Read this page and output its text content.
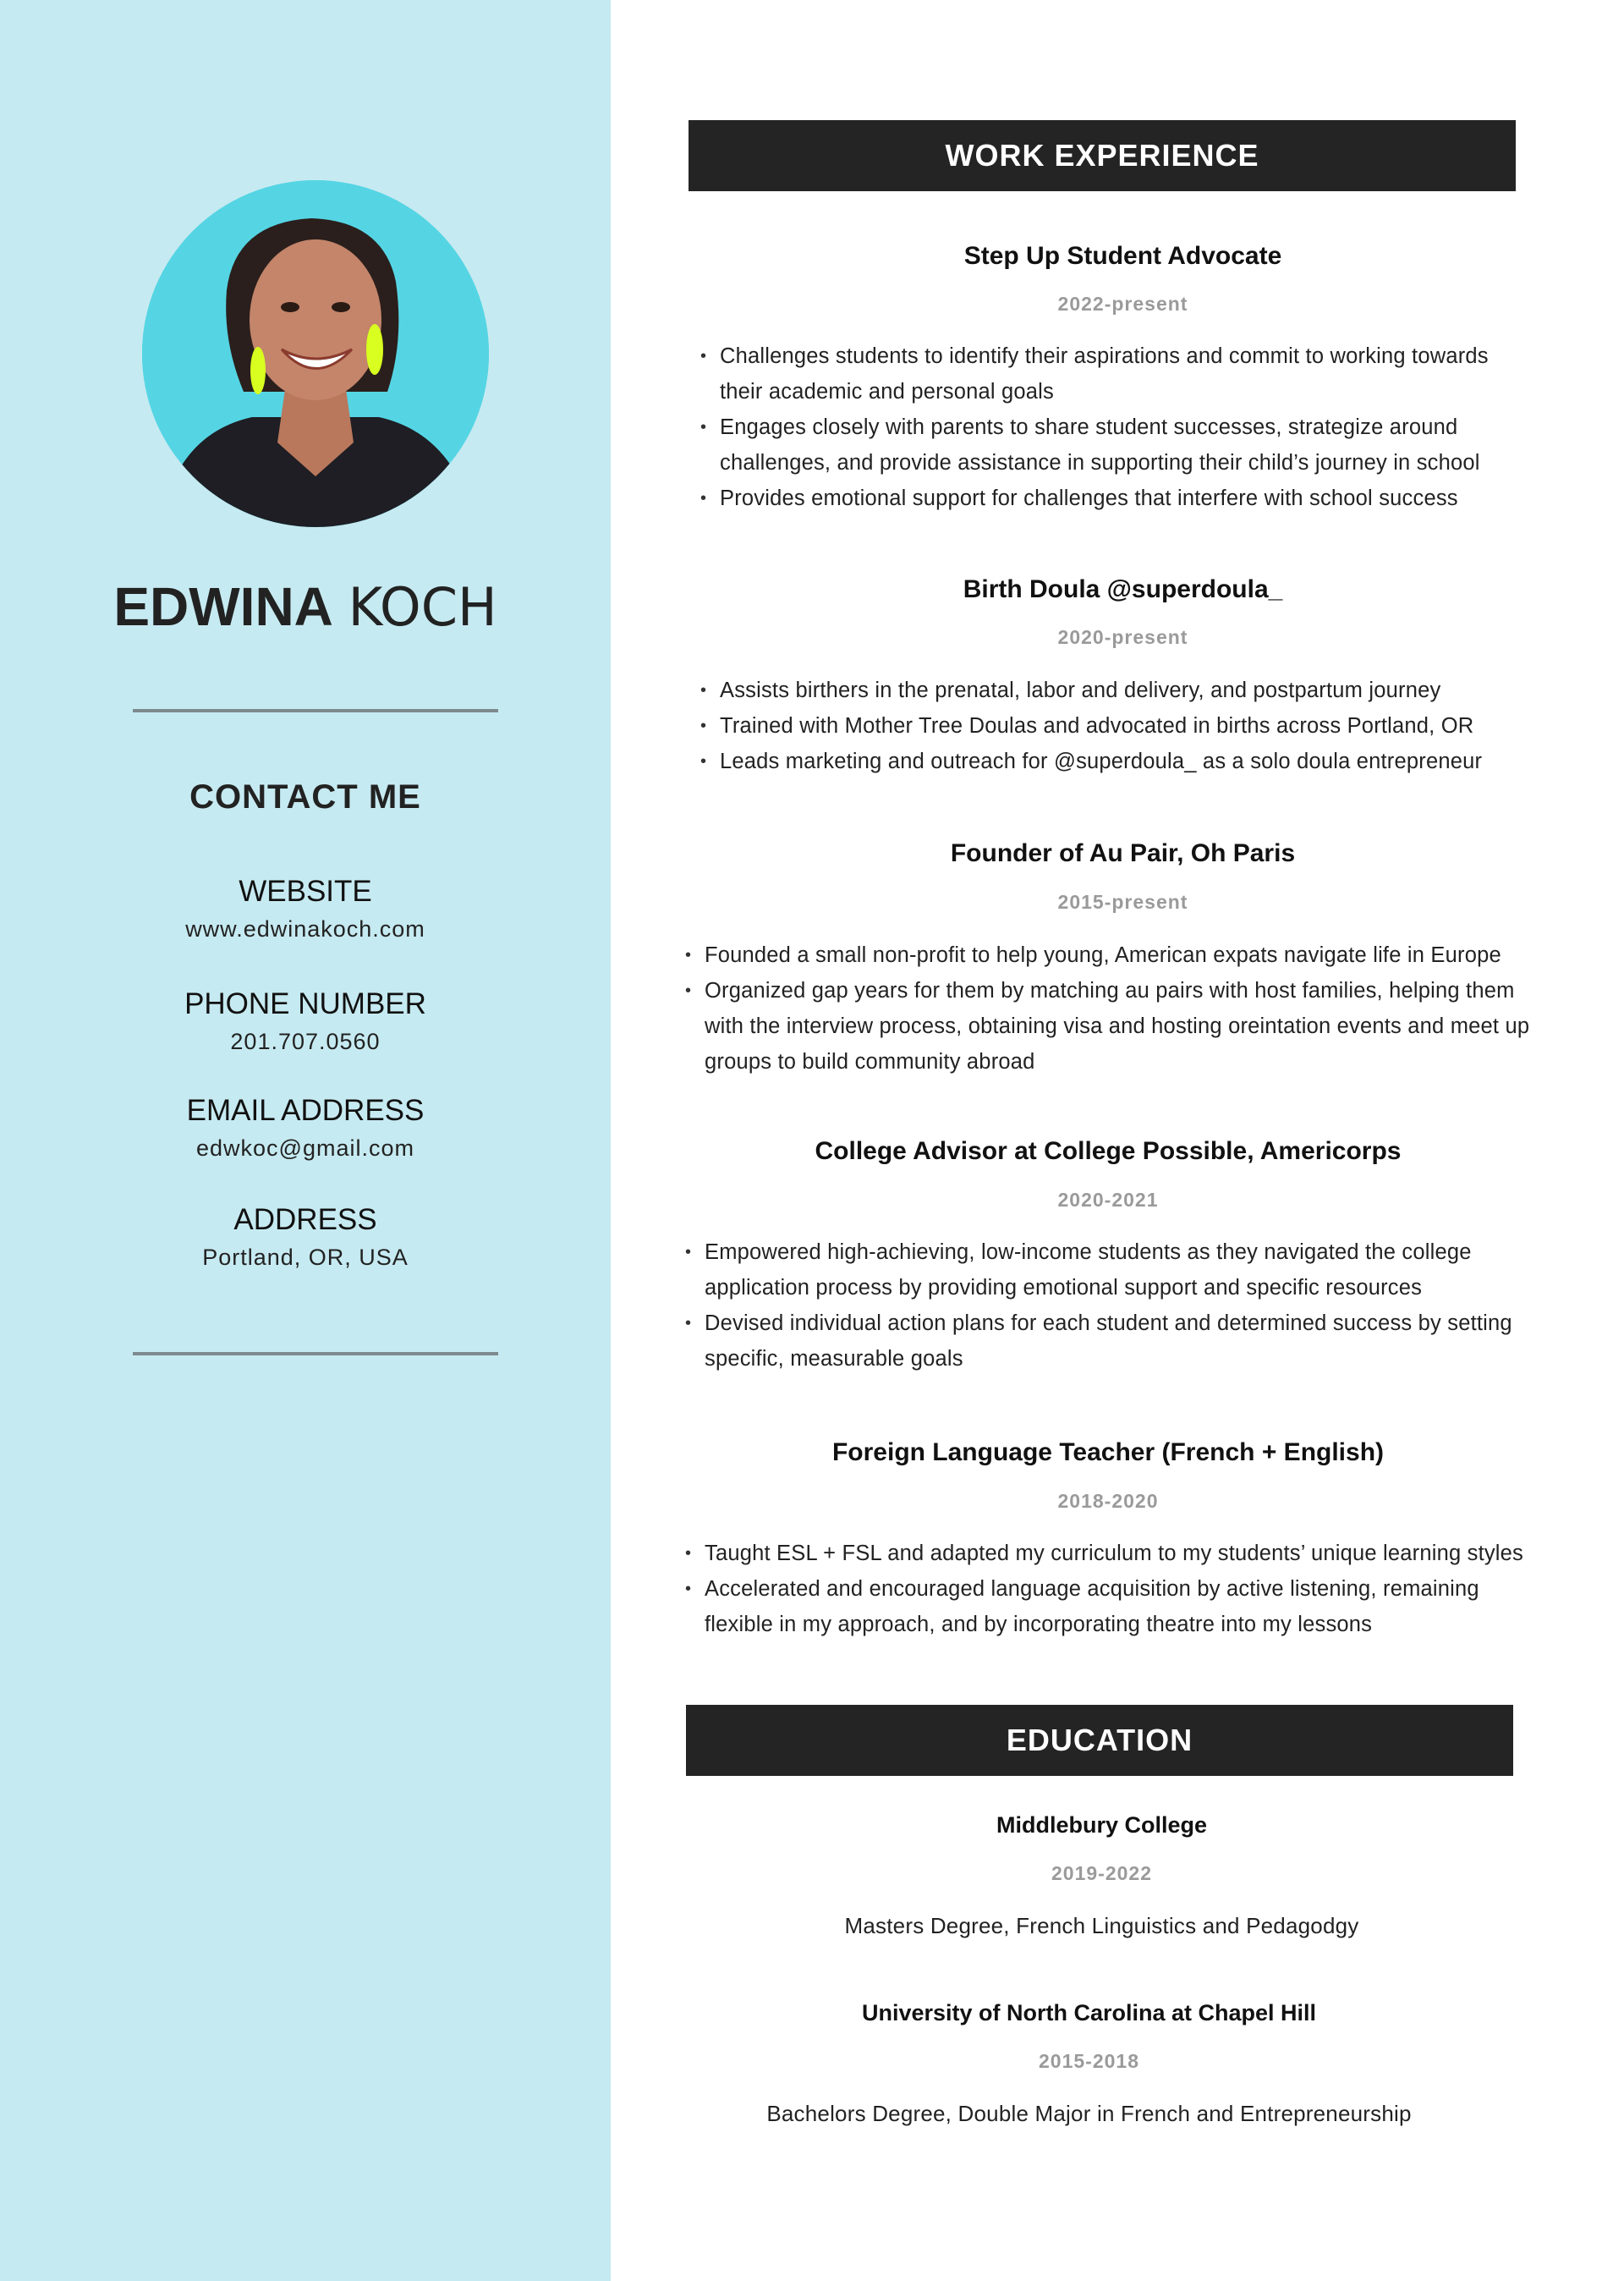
EDWINA KOCH
CONTACT ME
WEBSITE
www.edwinakoch.com
PHONE NUMBER
201.707.0560
EMAIL ADDRESS
edwkoc@gmail.com
ADDRESS
Portland, OR, USA
WORK EXPERIENCE
Step Up Student Advocate
2022-present
• Challenges students to identify their aspirations and commit to working towards their academic and personal goals
• Engages closely with parents to share student successes, strategize around challenges, and provide assistance in supporting their child’s journey in school
• Provides emotional support for challenges that interfere with school success
Birth Doula @superdoula_
2020-present
• Assists birthers in the prenatal, labor and delivery, and postpartum journey
• Trained with Mother Tree Doulas and advocated in births across Portland, OR
• Leads marketing and outreach for @superdoula_ as a solo doula entrepreneur
Founder of Au Pair, Oh Paris
2015-present
• Founded a small non-profit to help young, American expats navigate life in Europe
• Organized gap years for them by matching au pairs with host families, helping them with the interview process, obtaining visa and hosting oreintation events and meet up groups to build community abroad
College Advisor at College Possible, Americorps
2020-2021
• Empowered high-achieving, low-income students as they navigated the college application process by providing emotional support and specific resources
• Devised individual action plans for each student and determined success by setting specific, measurable goals
Foreign Language Teacher (French + English)
2018-2020
• Taught ESL + FSL and adapted my curriculum to my students’ unique learning styles
• Accelerated and encouraged language acquisition by active listening, remaining flexible in my approach, and by incorporating theatre into my lessons
EDUCATION
Middlebury College
2019-2022
Masters Degree, French Linguistics and Pedagodgy
University of North Carolina at Chapel Hill
2015-2018
Bachelors Degree, Double Major in French and Entrepreneurship
